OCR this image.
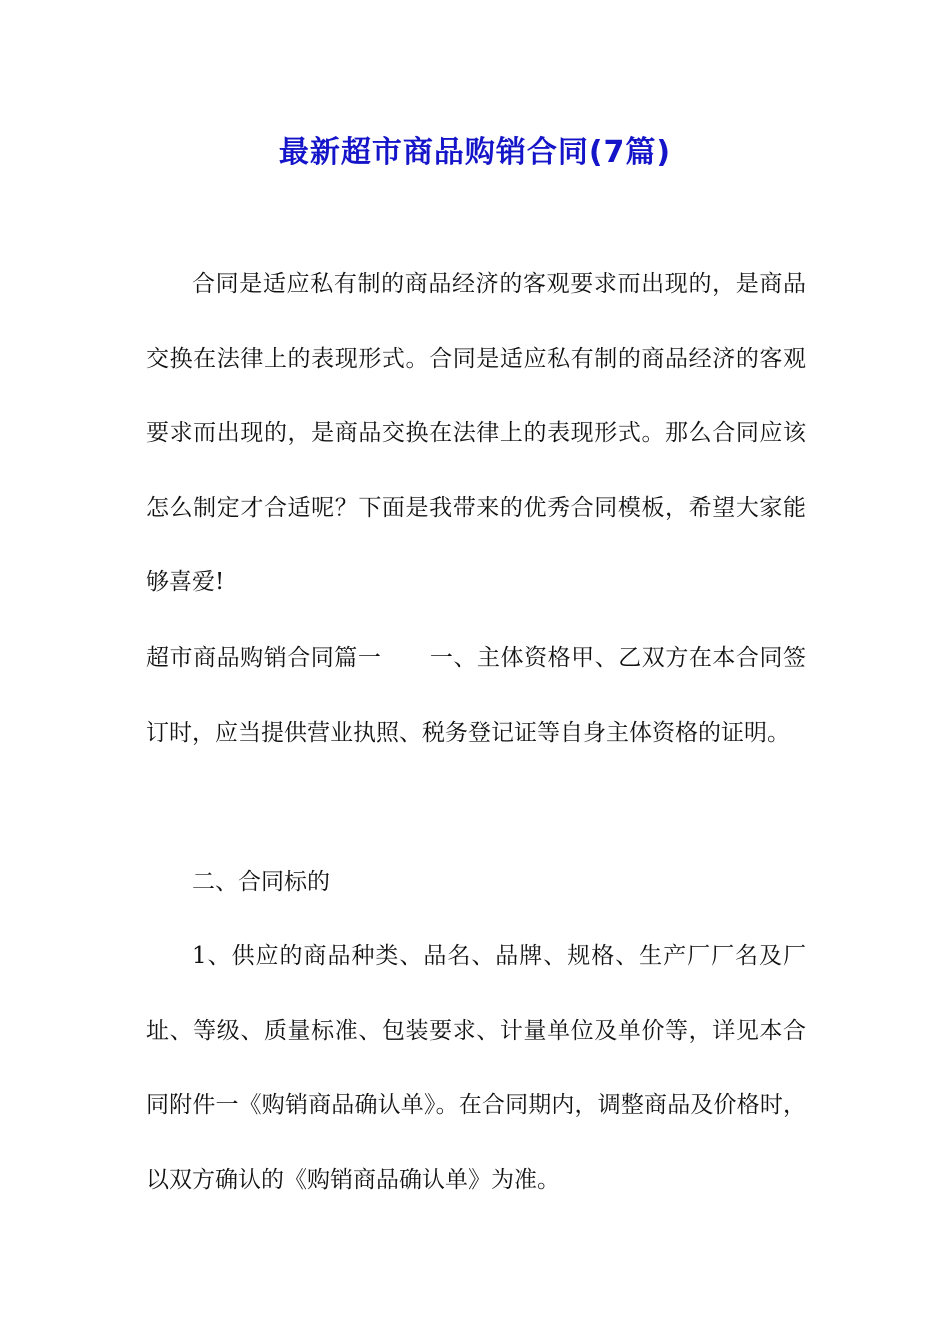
最新超市商品购销合同(7篇)

合同是适应私有制的商品经济的客观要求而出现的，是商品交换在法律上的表现形式。合同是适应私有制的商品经济的客观要求而出现的，是商品交换在法律上的表现形式。那么合同应该怎么制定才合适呢？下面是我带来的优秀合同模板，希望大家能够喜爱!

超市商品购销合同篇一 一、主体资格甲、乙双方在本合同签订时，应当提供营业执照、税务登记证等自身主体资格的证明。

二、合同标的

1、供应的商品种类、品名、品牌、规格、生产厂厂名及厂址、等级、质量标准、包装要求、计量单位及单价等，详见本合同附件一《购销商品确认单》。在合同期内，调整商品及价格时，以双方确认的《购销商品确认单》为准。
